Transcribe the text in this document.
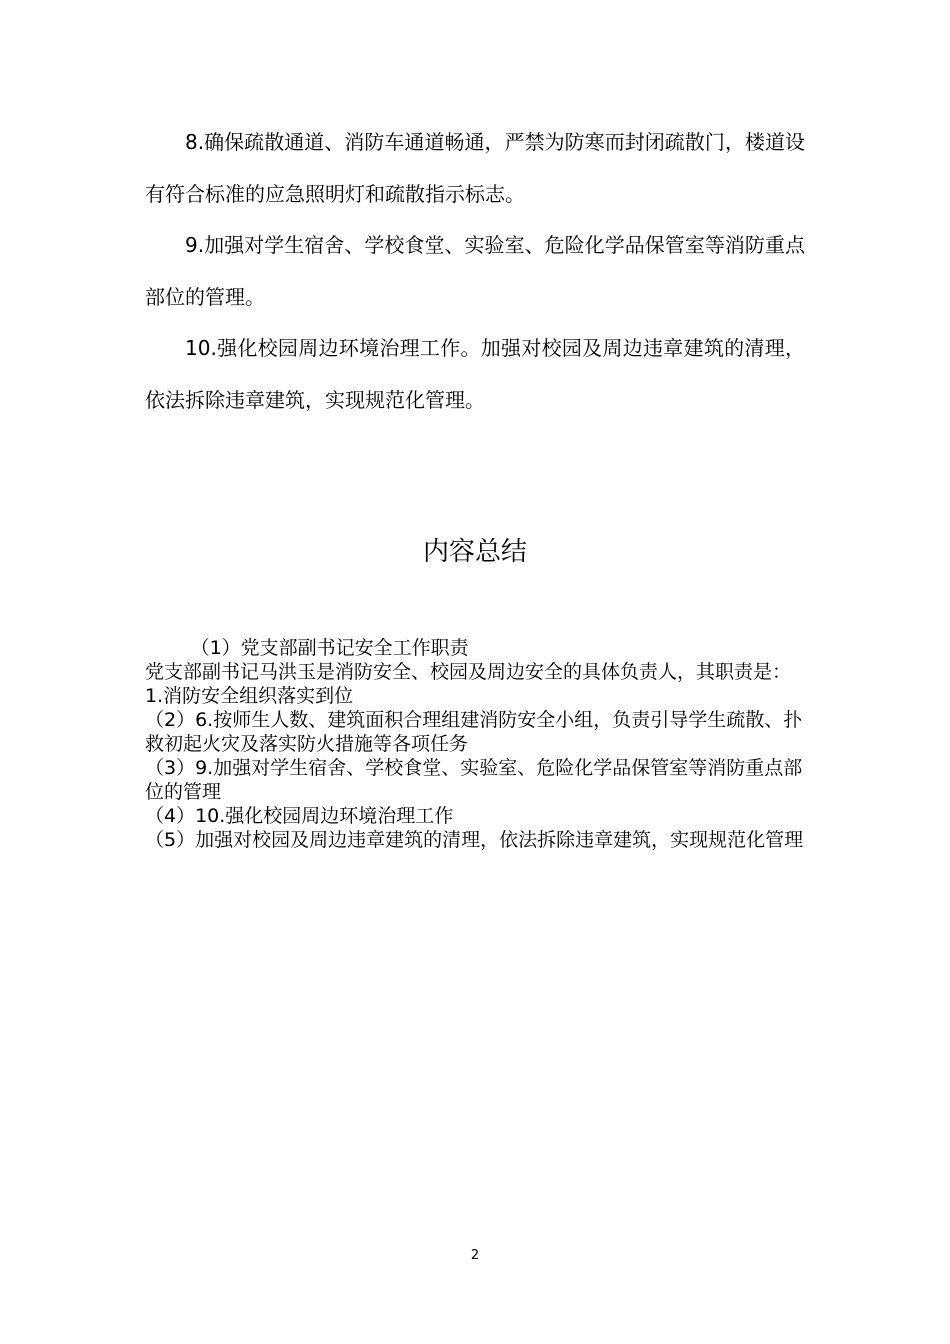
8.确保疏散通道、消防车通道畅通，严禁为防寒而封闭疏散门，楼道设有符合标准的应急照明灯和疏散指示标志。

9.加强对学生宿舍、学校食堂、实验室、危险化学品保管室等消防重点部位的管理。

10.强化校园周边环境治理工作。加强对校园及周边违章建筑的清理，依法拆除违章建筑，实现规范化管理。

内容总结
（1）党支部副书记安全工作职责
党支部副书记马洪玉是消防安全、校园及周边安全的具体负责人，其职责是：
1.消防安全组织落实到位
（2）6.按师生人数、建筑面积合理组建消防安全小组，负责引导学生疏散、扑救初起火灾及落实防火措施等各项任务
（3）9.加强对学生宿舍、学校食堂、实验室、危险化学品保管室等消防重点部位的管理
（4）10.强化校园周边环境治理工作
（5）加强对校园及周边违章建筑的清理，依法拆除违章建筑，实现规范化管理
2
